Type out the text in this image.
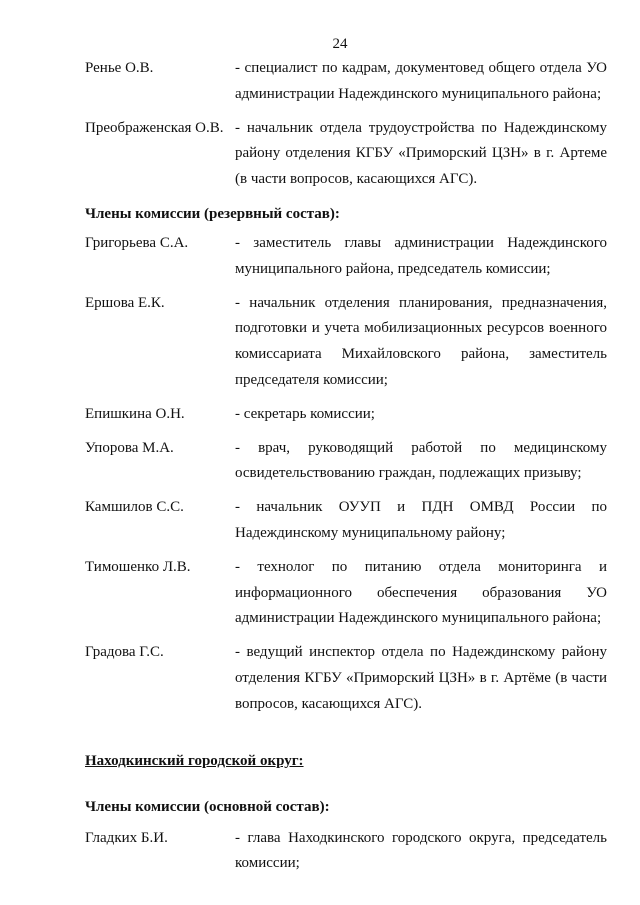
24
Ренье О.В.	- специалист по кадрам, документовед общего отдела УО администрации Надеждинского муниципального района;
Преображенская О.В. - начальник отдела трудоустройства по Надеждинскому району отделения КГБУ «Приморский ЦЗН» в г. Артеме (в части вопросов, касающихся АГС).
Члены комиссии (резервный состав):
Григорьева С.А.	- заместитель главы администрации Надеждинского муниципального района, председатель комиссии;
Ершова Е.К.	- начальник отделения планирования, предназначения, подготовки и учета мобилизационных ресурсов военного комиссариата Михайловского района, заместитель председателя комиссии;
Епишкина О.Н.	- секретарь комиссии;
Упорова М.А.	- врач, руководящий работой по медицинскому освидетельствованию граждан, подлежащих призыву;
Камшилов С.С.	- начальник ОУУП и ПДН ОМВД России по Надеждинскому муниципальному району;
Тимошенко Л.В.	- технолог по питанию отдела мониторинга и информационного обеспечения образования УО администрации Надеждинского муниципального района;
Градова Г.С.	- ведущий инспектор отдела по Надеждинскому району отделения КГБУ «Приморский ЦЗН» в г. Артёме (в части вопросов, касающихся АГС).
Находкинский городской округ:
Члены комиссии (основной состав):
Гладких Б.И.	- глава Находкинского городского округа, председатель комиссии;
